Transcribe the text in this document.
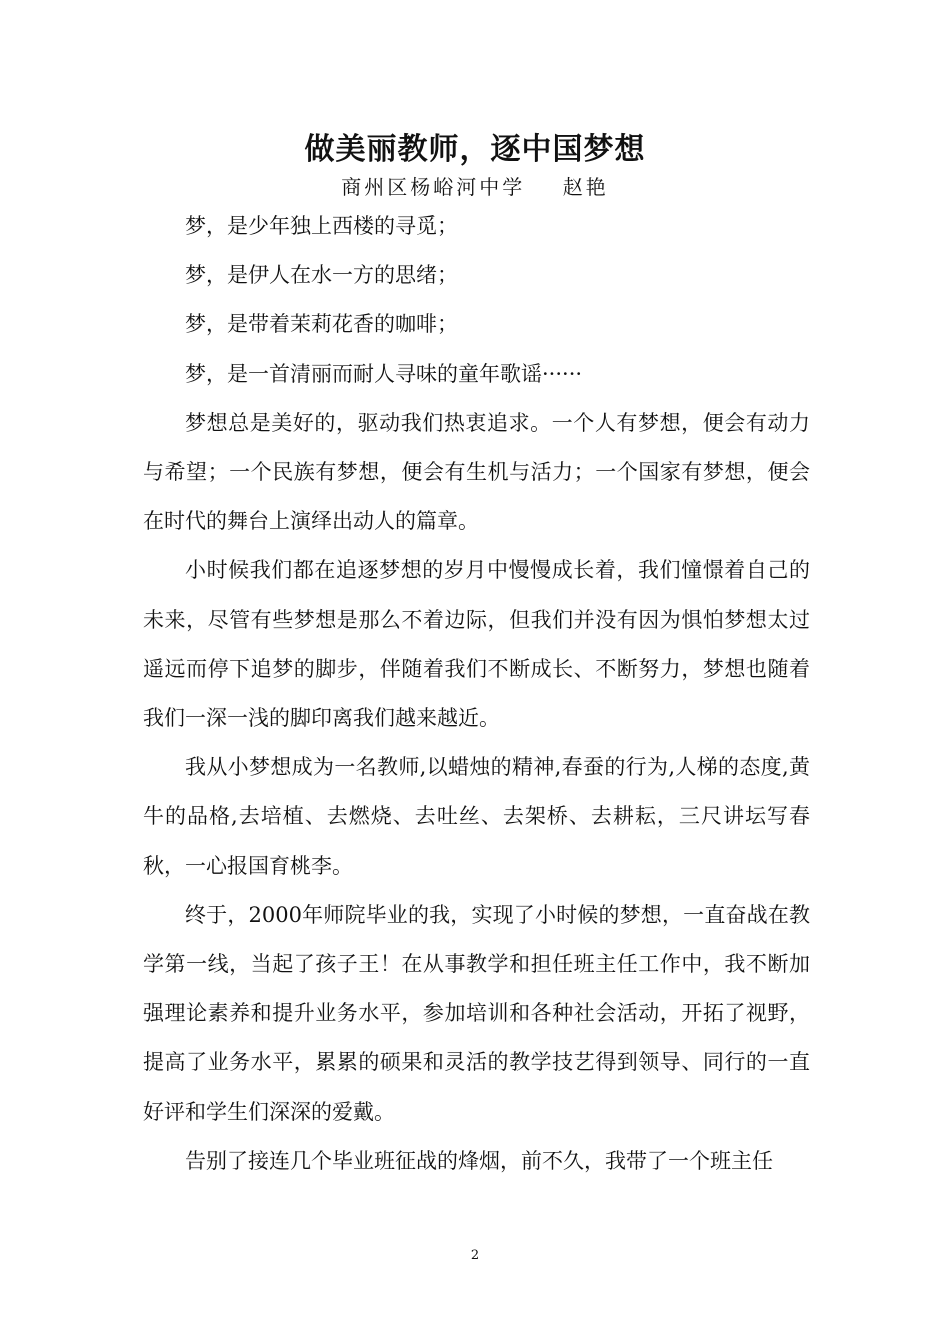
做美丽教师，逐中国梦想
商州区杨峪河中学    赵艳

梦，是少年独上西楼的寻觅；

梦，是伊人在水一方的思绪；

梦，是带着茉莉花香的咖啡；

梦，是一首清丽而耐人寻味的童年歌谣······

梦想总是美好的，驱动我们热衷追求。一个人有梦想，便会有动力与希望；一个民族有梦想，便会有生机与活力；一个国家有梦想，便会在时代的舞台上演绎出动人的篇章。

小时候我们都在追逐梦想的岁月中慢慢成长着，我们憧憬着自己的未来，尽管有些梦想是那么不着边际，但我们并没有因为惧怕梦想太过遥远而停下追梦的脚步，伴随着我们不断成长、不断努力，梦想也随着我们一深一浅的脚印离我们越来越近。

我从小梦想成为一名教师,以蜡烛的精神,春蚕的行为,人梯的态度,黄牛的品格,去培植、去燃烧、去吐丝、去架桥、去耕耘，三尺讲坛写春秋，一心报国育桃李。

终于，2000年师院毕业的我，实现了小时候的梦想，一直奋战在教学第一线，当起了孩子王！在从事教学和担任班主任工作中，我不断加强理论素养和提升业务水平，参加培训和各种社会活动，开拓了视野，提高了业务水平，累累的硕果和灵活的教学技艺得到领导、同行的一直好评和学生们深深的爱戴。

告别了接连几个毕业班征战的烽烟，前不久，我带了一个班主任

2
